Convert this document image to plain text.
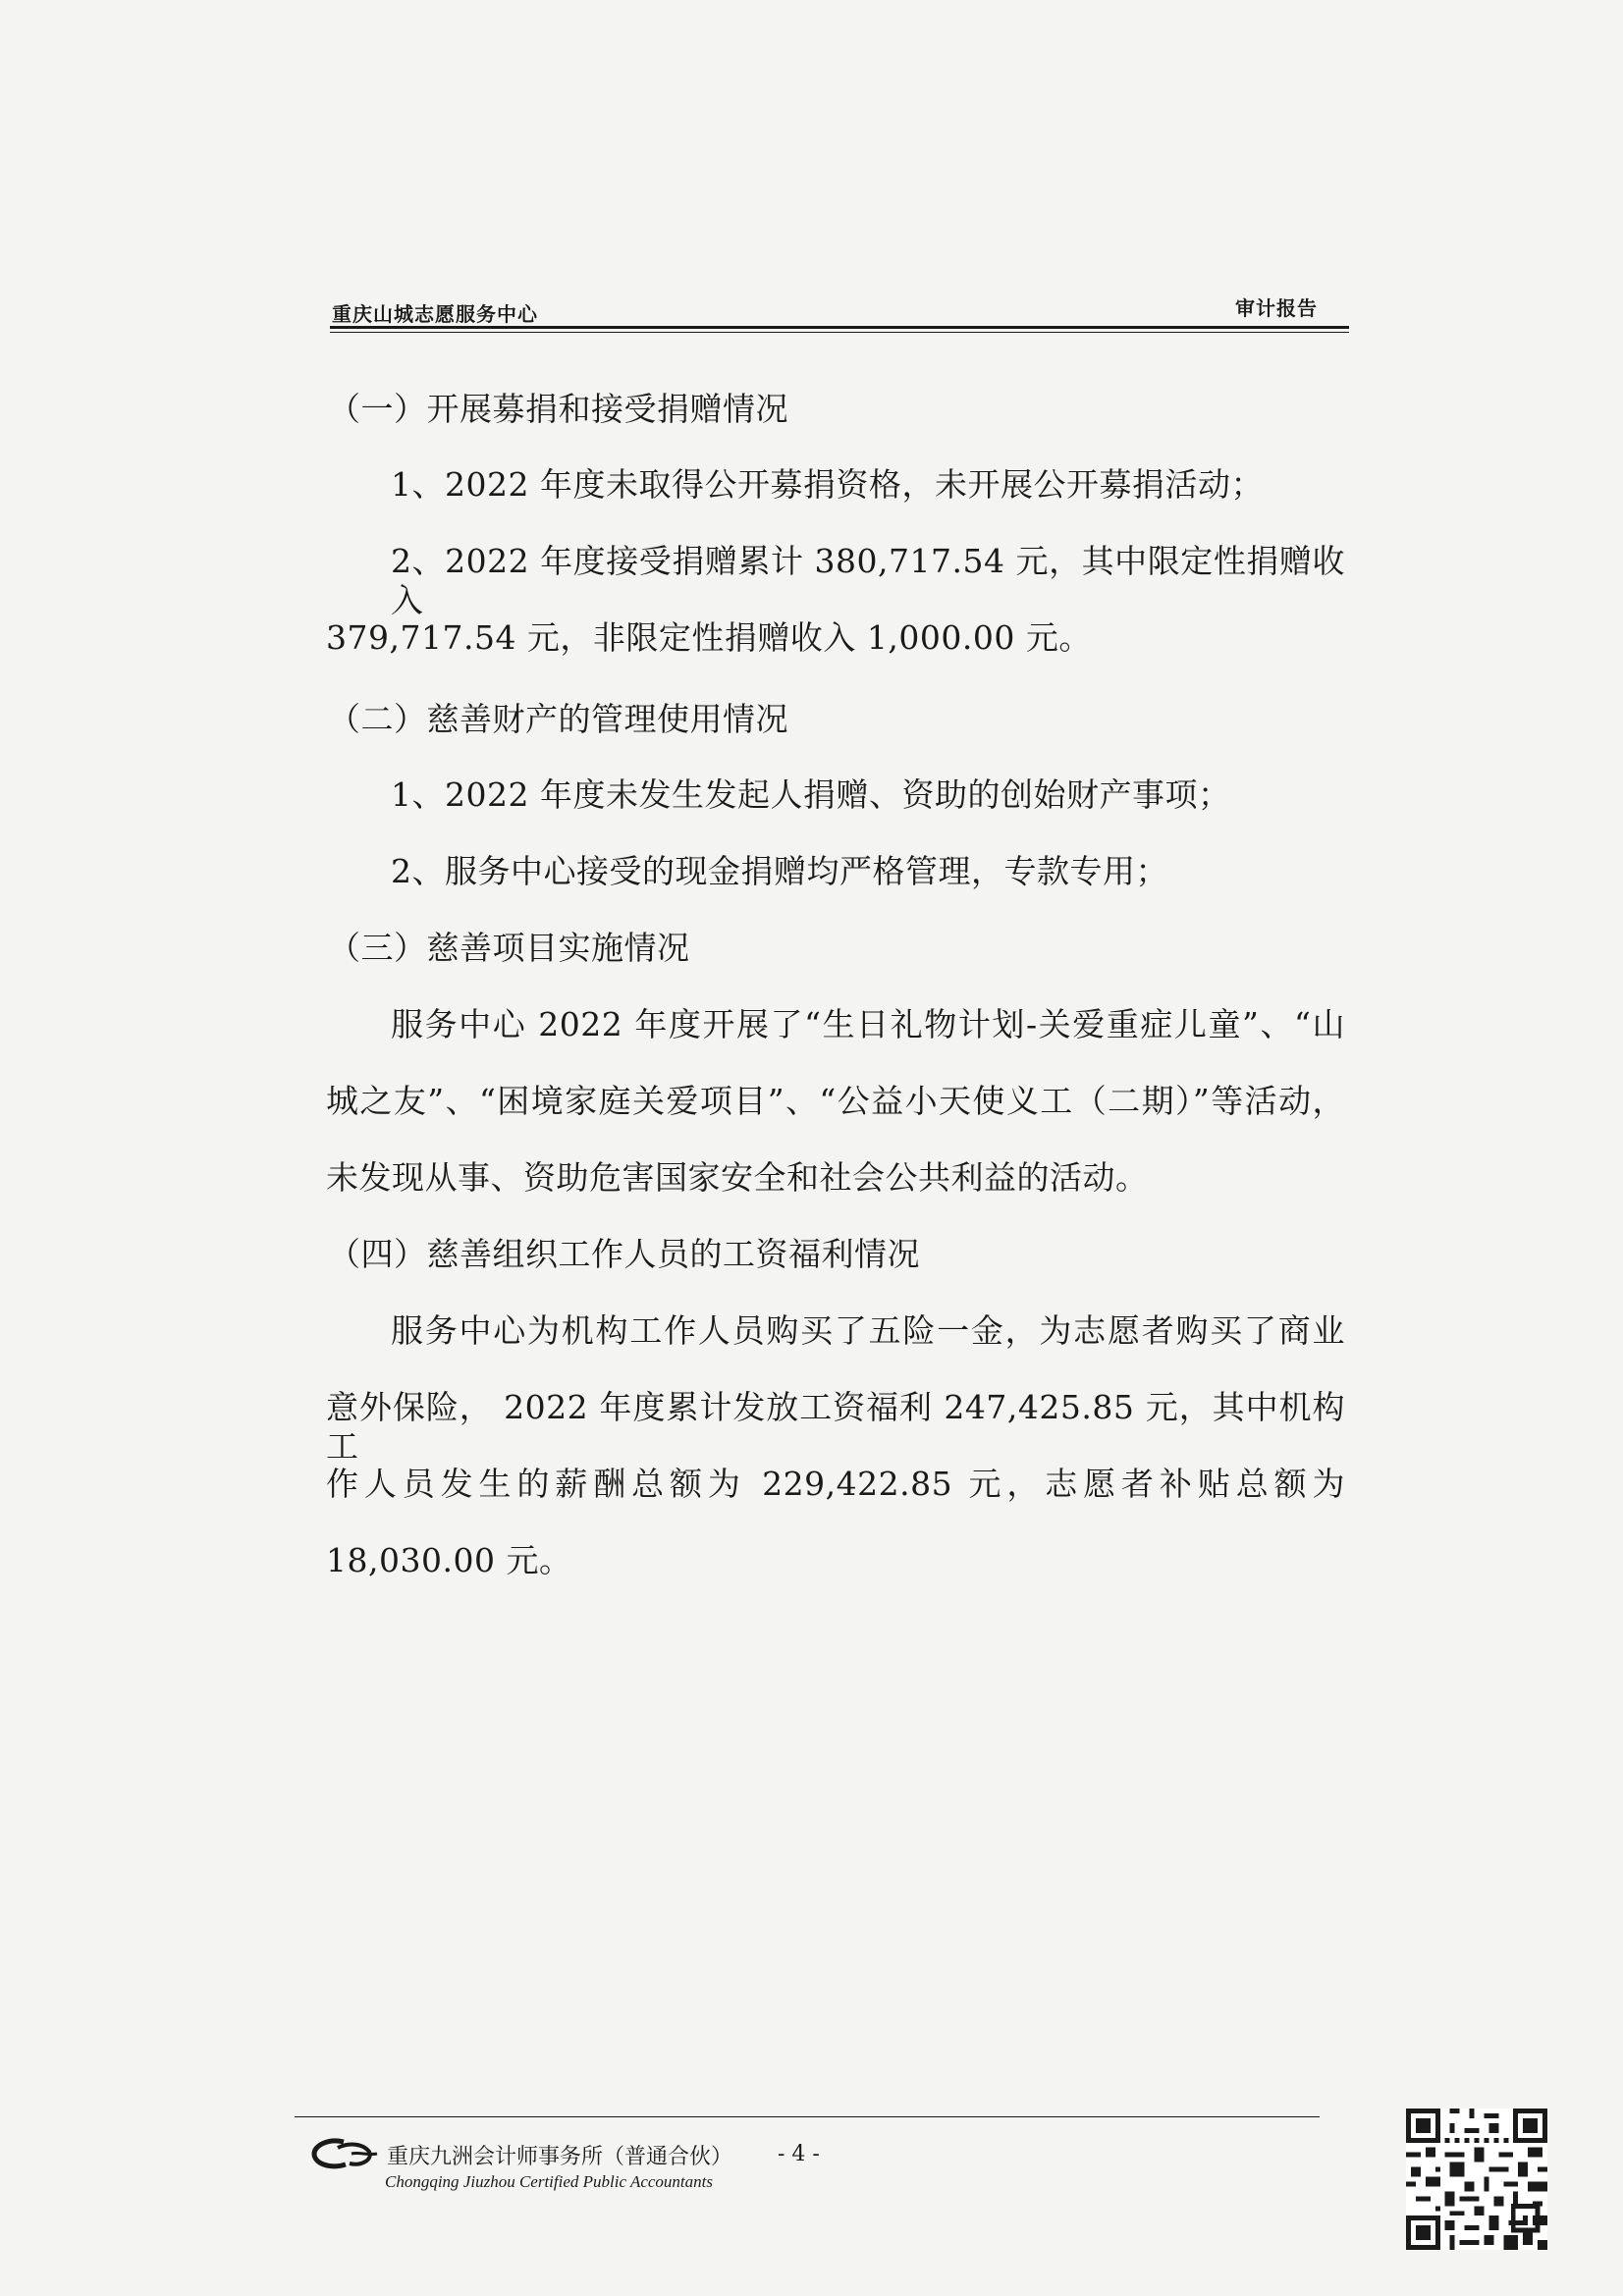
重庆山城志愿服务中心	审计报告
（一）开展募捐和接受捐赠情况
1、2022 年度未取得公开募捐资格，未开展公开募捐活动；
2、2022 年度接受捐赠累计 380,717.54 元，其中限定性捐赠收入
379,717.54 元，非限定性捐赠收入 1,000.00 元。
（二）慈善财产的管理使用情况
1、2022 年度未发生发起人捐赠、资助的创始财产事项；
2、服务中心接受的现金捐赠均严格管理，专款专用；
（三）慈善项目实施情况
服务中心 2022 年度开展了“生日礼物计划-关爱重症儿童”、“山
城之友”、“困境家庭关爱项目”、“公益小天使义工（二期）”等活动，
未发现从事、资助危害国家安全和社会公共利益的活动。
（四）慈善组织工作人员的工资福利情况
服务中心为机构工作人员购买了五险一金，为志愿者购买了商业
意外保险， 2022 年度累计发放工资福利 247,425.85 元，其中机构工
作人员发生的薪酬总额为 229,422.85 元，志愿者补贴总额为
18,030.00 元。
重庆九洲会计师事务所（普通合伙）
Chongqing Jiuzhou Certified Public Accountants
- 4 -
